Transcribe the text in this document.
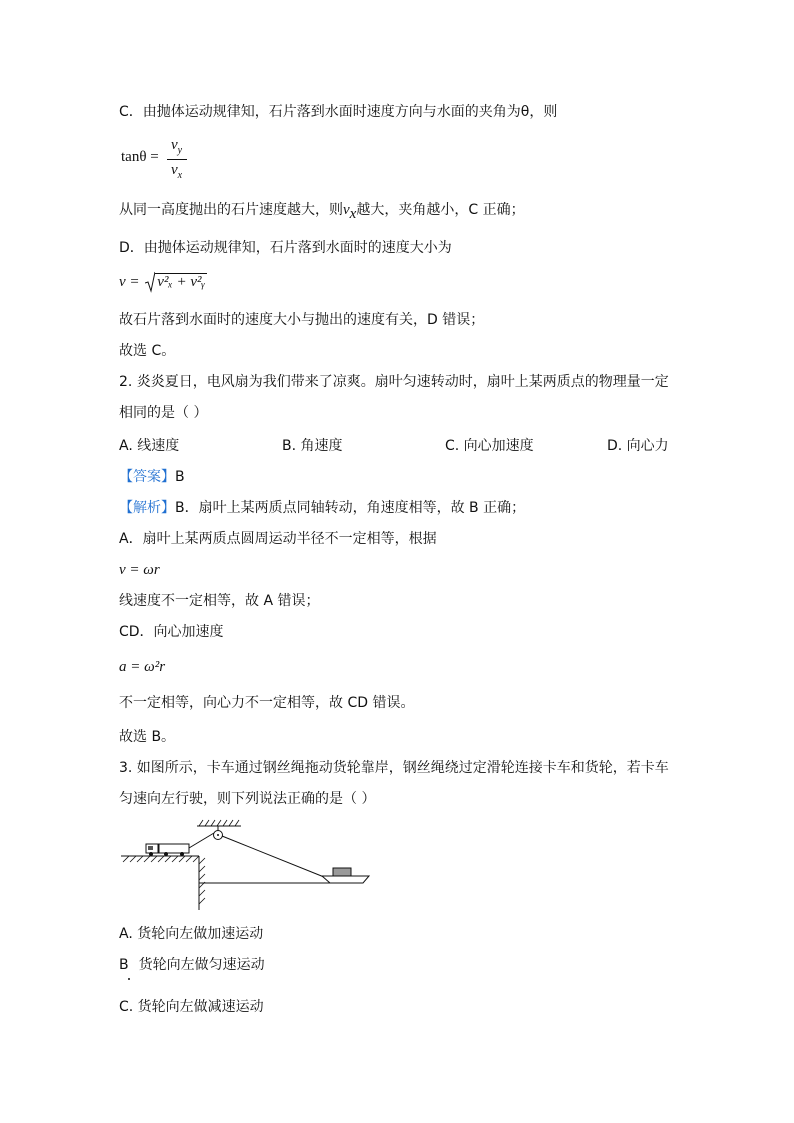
C．由抛体运动规律知，石片落到水面时速度方向与水面的夹角为θ，则
tanθ =
$v_y$
$v_x$
从同一高度抛出的石片速度越大，则$v_x$越大，夹角越小，C 正确；
D．由抛体运动规律知，石片落到水面时的速度大小为
v = v²ₓ + v²ᵧ
故石片落到水面时的速度大小与抛出的速度有关，D 错误；
故选 C。
2. 炎炎夏日，电风扇为我们带来了凉爽。扇叶匀速转动时，扇叶上某两质点的物理量一定
相同的是（ ）
A. 线速度	B. 角速度	C. 向心加速度	D. 向心力
【答案】B
【解析】B．扇叶上某两质点同轴转动，角速度相等，故 B 正确；
A．扇叶上某两质点圆周运动半径不一定相等，根据
v = ωr
线速度不一定相等，故 A 错误；
CD．向心加速度
a = ω²r
不一定相等，向心力不一定相等，故 CD 错误。
故选 B。
3. 如图所示，卡车通过钢丝绳拖动货轮靠岸，钢丝绳绕过定滑轮连接卡车和货轮，若卡车
匀速向左行驶，则下列说法正确的是（ ）
A. 货轮向左做加速运动
B 货轮向左做匀速运动
C. 货轮向左做减速运动
